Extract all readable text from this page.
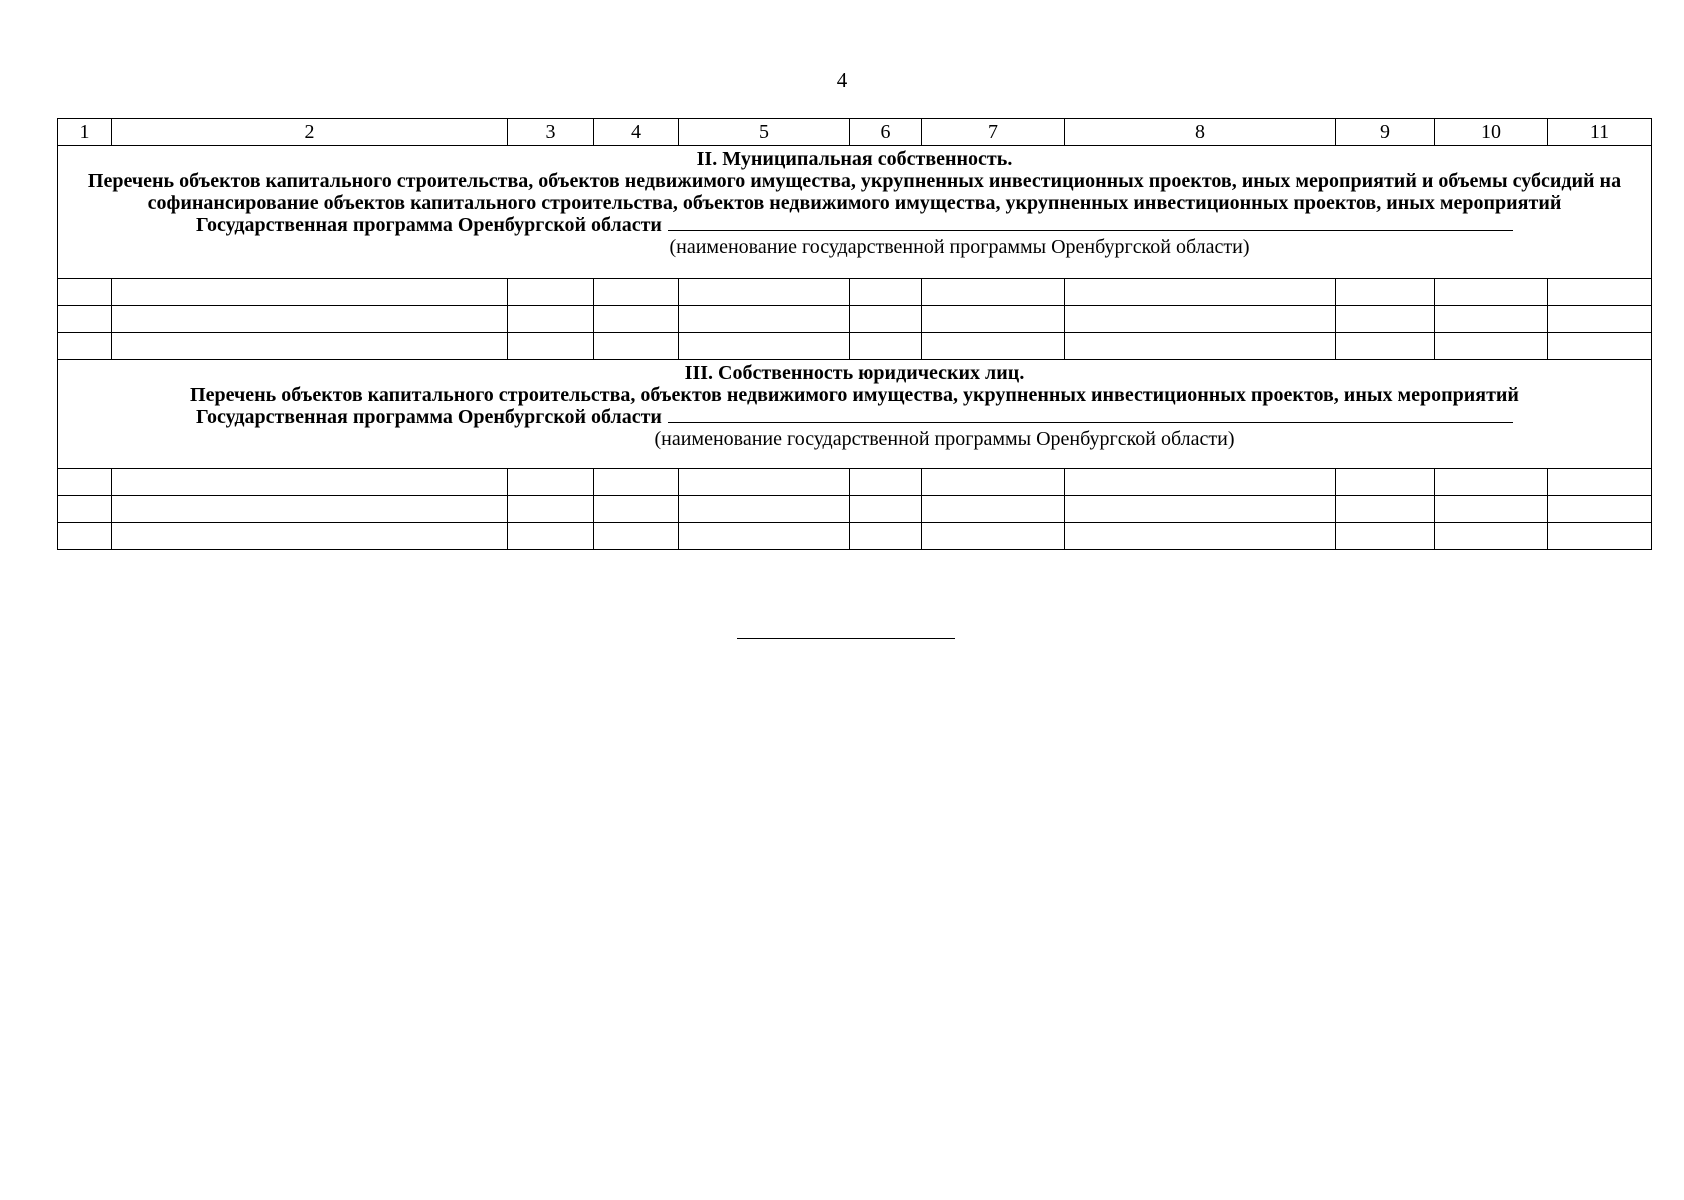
4
1	2	3	4	5	6	7	8	9	10	11

II. Муниципальная собственность.
Перечень объектов капитального строительства, объектов недвижимого имущества, укрупненных инвестиционных проектов, иных мероприятий и объемы субсидий на
софинансирование объектов капитального строительства, объектов недвижимого имущества, укрупненных инвестиционных проектов, иных мероприятий
Государственная программа Оренбургской области
(наименование государственной программы Оренбургской области)										

III. Собственность юридических лиц.
Перечень объектов капитального строительства, объектов недвижимого имущества, укрупненных инвестиционных проектов, иных мероприятий
Государственная программа Оренбургской области
(наименование государственной программы Оренбургской области)										
